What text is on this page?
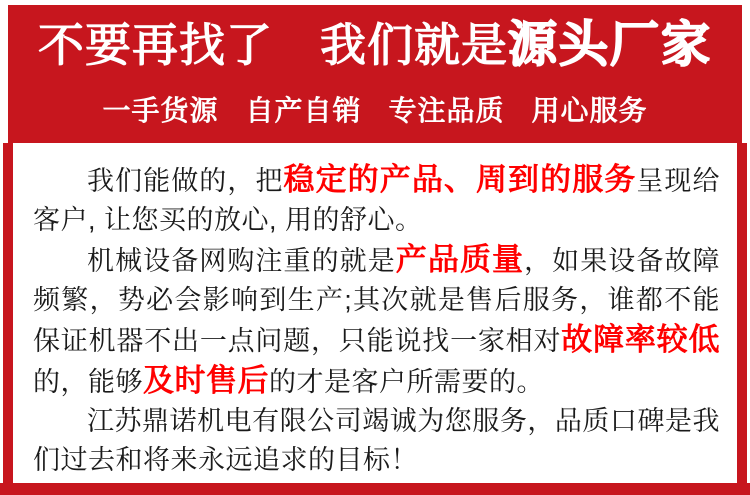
不要再找了　我们就是源头厂家
一手货源 自产自销 专注品质 用心服务

我们能做的，把稳定的产品、周到的服务呈现给客户, 让您买的放心, 用的舒心。

机械设备网购注重的就是产品质量，如果设备故障频繁，势必会影响到生产;其次就是售后服务，谁都不能保证机器不出一点问题，只能说找一家相对故障率较低的，能够及时售后的才是客户所需要的。

江苏鼎诺机电有限公司竭诚为您服务，品质口碑是我们过去和将来永远追求的目标！
